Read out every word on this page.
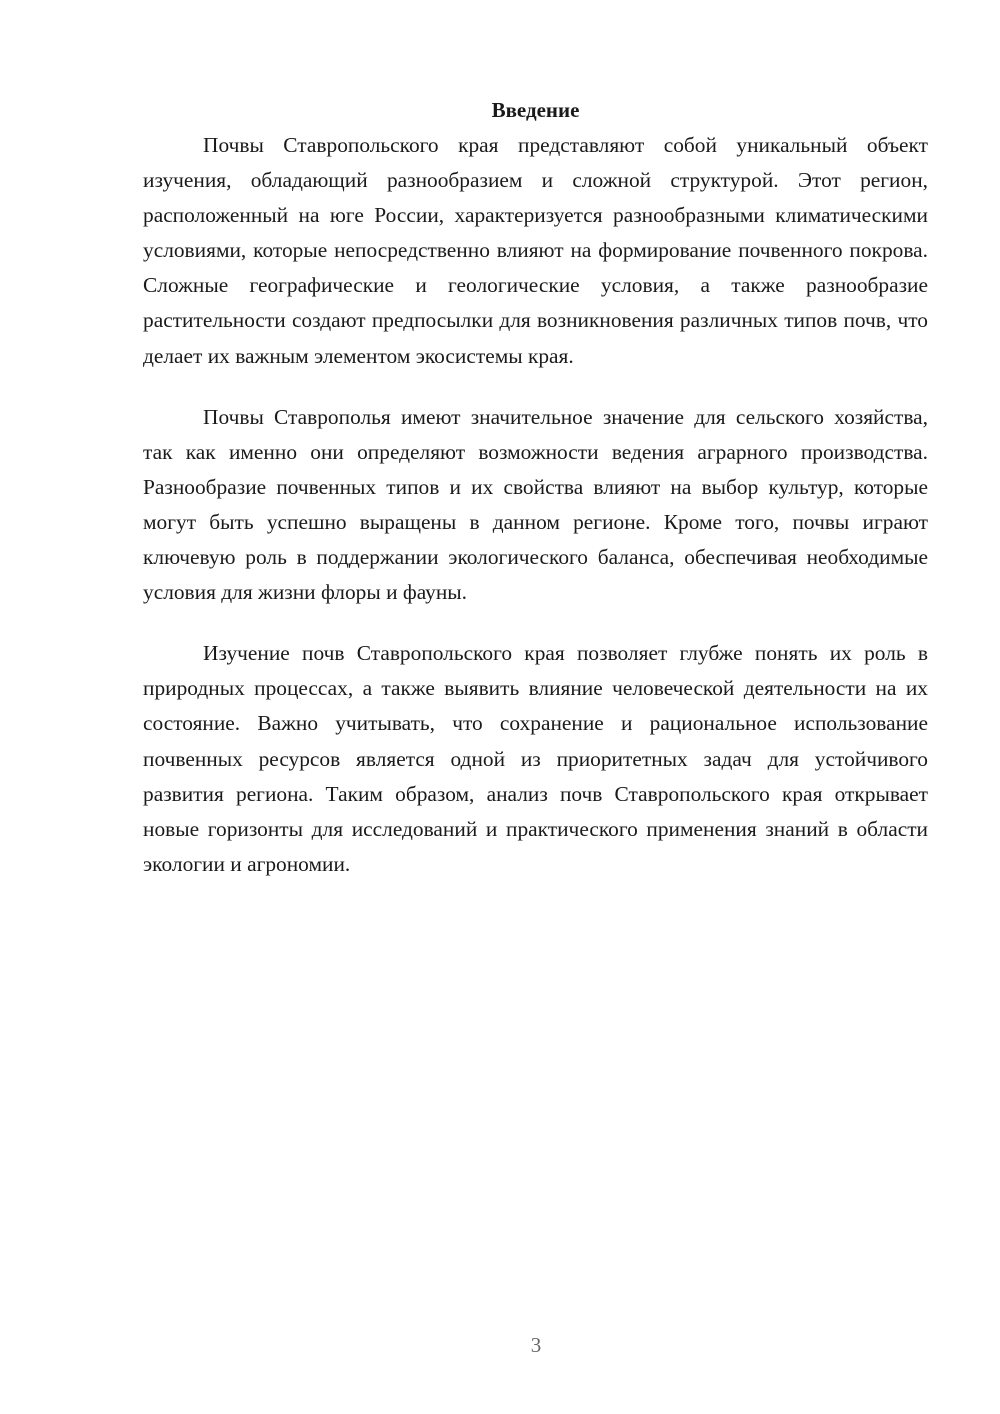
Введение

Почвы Ставропольского края представляют собой уникальный объект изучения, обладающий разнообразием и сложной структурой. Этот регион, расположенный на юге России, характеризуется разнообразными климатическими условиями, которые непосредственно влияют на формирование почвенного покрова. Сложные географические и геологические условия, а также разнообразие растительности создают предпосылки для возникновения различных типов почв, что делает их важным элементом экосистемы края.

Почвы Ставрополья имеют значительное значение для сельского хозяйства, так как именно они определяют возможности ведения аграрного производства. Разнообразие почвенных типов и их свойства влияют на выбор культур, которые могут быть успешно выращены в данном регионе. Кроме того, почвы играют ключевую роль в поддержании экологического баланса, обеспечивая необходимые условия для жизни флоры и фауны.

Изучение почв Ставропольского края позволяет глубже понять их роль в природных процессах, а также выявить влияние человеческой деятельности на их состояние. Важно учитывать, что сохранение и рациональное использование почвенных ресурсов является одной из приоритетных задач для устойчивого развития региона. Таким образом, анализ почв Ставропольского края открывает новые горизонты для исследований и практического применения знаний в области экологии и агрономии.

3
